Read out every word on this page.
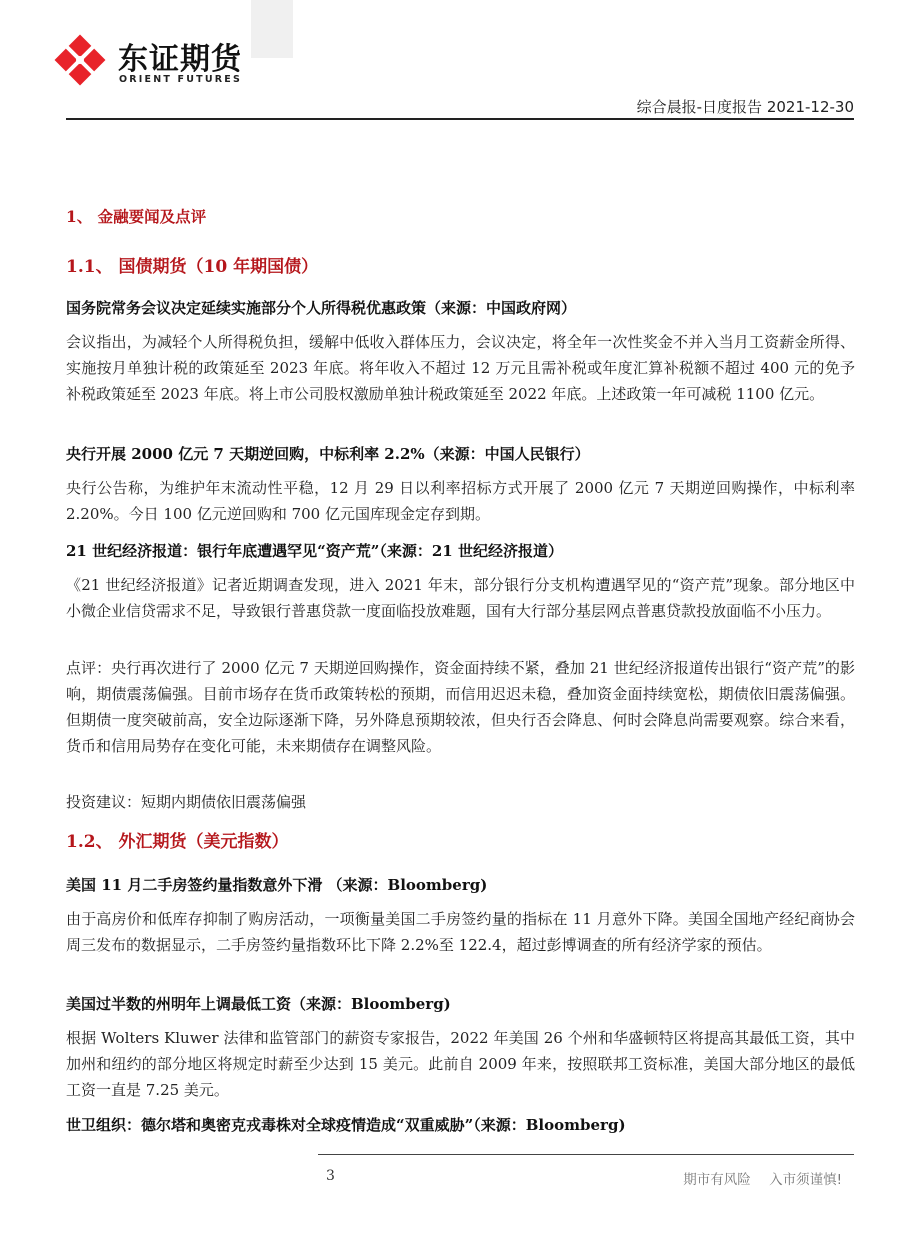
东证期货
ORIENT FUTURES
综合晨报-日度报告 2021-12-30
1、 金融要闻及点评
1.1、 国债期货（10 年期国债）
国务院常务会议决定延续实施部分个人所得税优惠政策（来源：中国政府网）
会议指出，为减轻个人所得税负担，缓解中低收入群体压力，会议决定，将全年一次性奖金不并入当月工资薪金所得、实施按月单独计税的政策延至 2023 年底。将年收入不超过 12 万元且需补税或年度汇算补税额不超过 400 元的免予补税政策延至 2023 年底。将上市公司股权激励单独计税政策延至 2022 年底。上述政策一年可减税 1100 亿元。
央行开展 2000 亿元 7 天期逆回购，中标利率 2.2%（来源：中国人民银行）
央行公告称，为维护年末流动性平稳，12 月 29 日以利率招标方式开展了 2000 亿元 7 天期逆回购操作，中标利率 2.20%。今日 100 亿元逆回购和 700 亿元国库现金定存到期。
21 世纪经济报道：银行年底遭遇罕见“资产荒”（来源：21 世纪经济报道）
《21 世纪经济报道》记者近期调查发现，进入 2021 年末，部分银行分支机构遭遇罕见的“资产荒”现象。部分地区中小微企业信贷需求不足，导致银行普惠贷款一度面临投放难题，国有大行部分基层网点普惠贷款投放面临不小压力。
点评：央行再次进行了 2000 亿元 7 天期逆回购操作，资金面持续不紧，叠加 21 世纪经济报道传出银行“资产荒”的影响，期债震荡偏强。目前市场存在货币政策转松的预期，而信用迟迟未稳，叠加资金面持续宽松，期债依旧震荡偏强。但期债一度突破前高，安全边际逐渐下降，另外降息预期较浓，但央行否会降息、何时会降息尚需要观察。综合来看，货币和信用局势存在变化可能，未来期债存在调整风险。
投资建议：短期内期债依旧震荡偏强
1.2、 外汇期货（美元指数）
美国 11 月二手房签约量指数意外下滑 （来源：Bloomberg)
由于高房价和低库存抑制了购房活动，一项衡量美国二手房签约量的指标在 11 月意外下降。美国全国地产经纪商协会周三发布的数据显示，二手房签约量指数环比下降 2.2%至 122.4，超过彭博调查的所有经济学家的预估。
美国过半数的州明年上调最低工资（来源：Bloomberg)
根据 Wolters Kluwer 法律和监管部门的薪资专家报告，2022 年美国 26 个州和华盛顿特区将提高其最低工资，其中加州和纽约的部分地区将规定时薪至少达到 15 美元。此前自 2009 年来，按照联邦工资标准，美国大部分地区的最低工资一直是 7.25 美元。
世卫组织：德尔塔和奥密克戎毒株对全球疫情造成“双重威胁”（来源：Bloomberg)
3	期市有风险 入市须谨慎!
